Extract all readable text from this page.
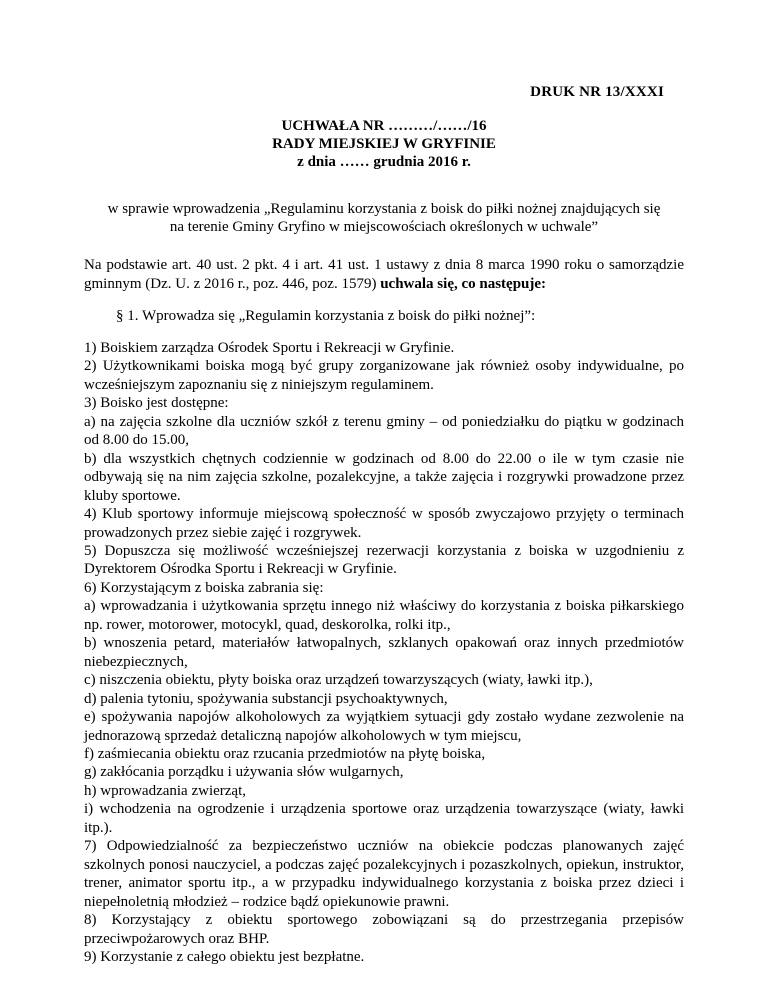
DRUK NR 13/XXXI
UCHWAŁA NR ………/……/16
RADY MIEJSKIEJ W GRYFINIE
z dnia …… grudnia 2016 r.
w sprawie wprowadzenia „Regulaminu korzystania z boisk do piłki nożnej znajdujących się
na terenie Gminy Gryfino w miejscowościach określonych w uchwale”
Na podstawie art. 40 ust. 2 pkt. 4 i art. 41 ust. 1 ustawy z dnia 8 marca 1990 roku o samorządzie gminnym (Dz. U. z 2016 r., poz. 446, poz. 1579) uchwala się, co następuje:
§ 1. Wprowadza się „Regulamin korzystania z boisk do piłki nożnej”:

1) Boiskiem zarządza Ośrodek Sportu i Rekreacji w Gryfinie.

2) Użytkownikami boiska mogą być grupy zorganizowane jak również osoby indywidualne, po wcześniejszym zapoznaniu się z niniejszym regulaminem.

3) Boisko jest dostępne:

a) na zajęcia szkolne dla uczniów szkół z terenu gminy – od poniedziałku do piątku w godzinach od 8.00 do 15.00,

b) dla wszystkich chętnych codziennie w godzinach od 8.00 do 22.00 o ile w tym czasie nie odbywają się na nim zajęcia szkolne, pozalekcyjne, a także zajęcia i rozgrywki prowadzone przez kluby sportowe.

4) Klub sportowy informuje miejscową społeczność w sposób zwyczajowo przyjęty o terminach prowadzonych przez siebie zajęć i rozgrywek.

5) Dopuszcza się możliwość wcześniejszej rezerwacji korzystania z boiska w uzgodnieniu z Dyrektorem Ośrodka Sportu i Rekreacji w Gryfinie.

6) Korzystającym z boiska zabrania się:

a) wprowadzania i użytkowania sprzętu innego niż właściwy do korzystania z boiska piłkarskiego np. rower, motorower, motocykl, quad, deskorolka, rolki itp.,

b) wnoszenia petard, materiałów łatwopalnych, szklanych opakowań oraz innych przedmiotów niebezpiecznych,

c) niszczenia obiektu, płyty boiska oraz urządzeń towarzyszących (wiaty, ławki itp.),

d) palenia tytoniu, spożywania substancji psychoaktywnych,

e) spożywania napojów alkoholowych za wyjątkiem sytuacji gdy zostało wydane zezwolenie na jednorazową sprzedaż detaliczną napojów alkoholowych w tym miejscu,

f) zaśmiecania obiektu oraz rzucania przedmiotów na płytę boiska,

g) zakłócania porządku i używania słów wulgarnych,

h) wprowadzania zwierząt,

i) wchodzenia na ogrodzenie i urządzenia sportowe oraz urządzenia towarzyszące (wiaty, ławki itp.).

7) Odpowiedzialność za bezpieczeństwo uczniów na obiekcie podczas planowanych zajęć szkolnych ponosi nauczyciel, a podczas zajęć pozalekcyjnych i pozaszkolnych, opiekun, instruktor, trener, animator sportu itp., a w przypadku indywidualnego korzystania z boiska przez dzieci i niepełnoletnią młodzież – rodzice bądź opiekunowie prawni.

8) Korzystający z obiektu sportowego zobowiązani są do przestrzegania przepisów przeciwpożarowych oraz BHP.

9) Korzystanie z całego obiektu jest bezpłatne.
